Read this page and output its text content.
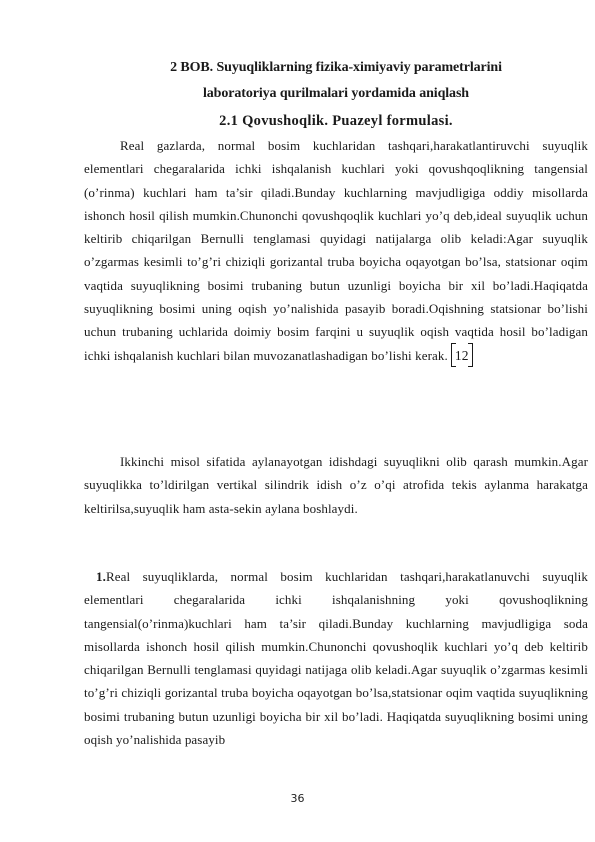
2 BOB. Suyuqliklarning fizika-ximiyaviy parametrlarini
laboratoriya qurilmalari yordamida aniqlash
2.1 Qovushoqlik. Puazeyl formulasi.
Real gazlarda, normal bosim kuchlaridan tashqari,harakatlantiruvchi suyuqlik elementlari chegaralarida ichki ishqalanish kuchlari yoki qovushqoqlikning tangensial (o’rinma) kuchlari ham ta’sir qiladi.Bunday kuchlarning mavjudligiga oddiy misollarda ishonch hosil qilish mumkin.Chunonchi qovushqoqlik kuchlari yo’q deb,ideal suyuqlik uchun keltirib chiqarilgan Bernulli tenglamasi quyidagi natijalarga olib keladi:Agar suyuqlik o’zgarmas kesimli to’g’ri chiziqli gorizantal truba boyicha oqayotgan bo’lsa, statsionar oqim vaqtida suyuqlikning bosimi trubaning butun uzunligi boyicha bir xil bo’ladi.Haqiqatda suyuqlikning bosimi uning oqish yo’nalishida pasayib boradi.Oqishning statsionar bo’lishi uchun trubaning uchlarida doimiy bosim farqini u suyuqlik oqish vaqtida hosil bo’ladigan ichki ishqalanish kuchlari bilan muvozanatlashadigan bo’lishi kerak. 12
Ikkinchi misol sifatida aylanayotgan idishdagi suyuqlikni olib qarash mumkin.Agar suyuqlikka to’ldirilgan vertikal silindrik idish o’z o’qi atrofida tekis aylanma harakatga keltirilsa,suyuqlik ham asta-sekin aylana boshlaydi.
1.Real suyuqliklarda, normal bosim kuchlaridan tashqari,harakatlanuvchi suyuqlik elementlari chegaralarida ichki ishqalanishning yoki qovushoqlikning tangensial(o’rinma)kuchlari ham ta’sir qiladi.Bunday kuchlarning mavjudligiga soda misollarda ishonch hosil qilish mumkin.Chunonchi qovushoqlik kuchlari yo’q deb keltirib chiqarilgan Bernulli tenglamasi quyidagi natijaga olib keladi.Agar suyuqlik o’zgarmas kesimli to’g’ri chiziqli gorizantal truba boyicha oqayotgan bo’lsa,statsionar oqim vaqtida suyuqlikning bosimi trubaning butun uzunligi boyicha bir xil bo’ladi. Haqiqatda suyuqlikning bosimi uning oqish yo’nalishida pasayib
36
